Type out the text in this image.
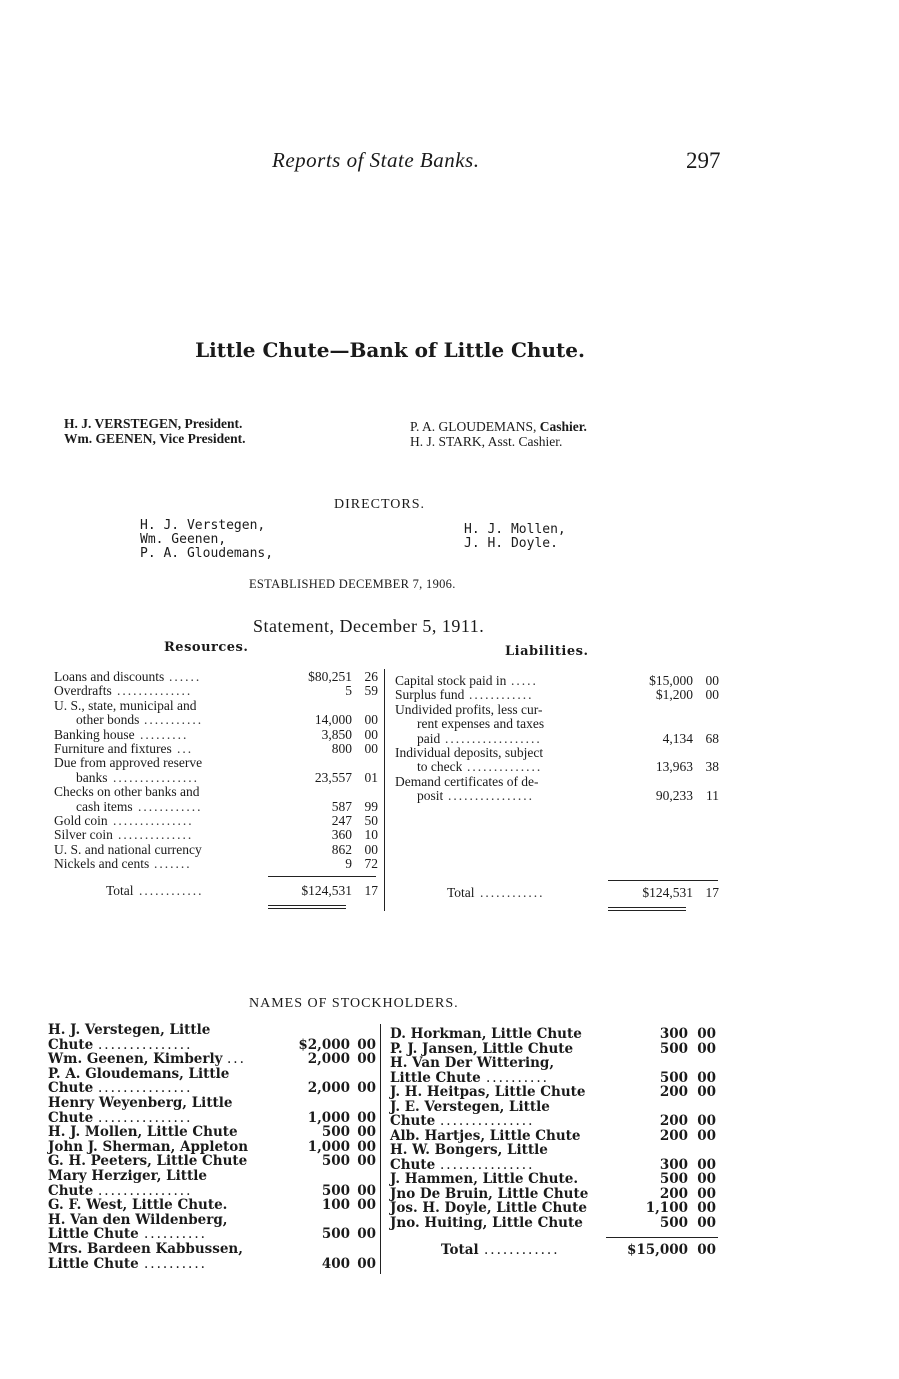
Reports of State Banks.	297
Little Chute—Bank of Little Chute.
H. J. VERSTEGEN, President.
Wm. GEENEN, Vice President.
P. A. GLOUDEMANS, Cashier.
H. J. STARK, Asst. Cashier.
DIRECTORS.
H. J. Verstegen,
Wm. Geenen,
P. A. Gloudemans,
H. J. Mollen,
J. H. Doyle.
ESTABLISHED DECEMBER 7, 1906.
Statement, December 5, 1911.
Resources.	Liabilities.
Loans and discounts ......	$80,251 26
Overdrafts ..............	5 59
U. S., state, municipal and
other bonds ...........	14,000 00
Banking house .........	3,850 00
Furniture and fixtures ...	800 00
Due from approved reserve
banks ................	23,557 01
Checks on other banks and
cash items ............	587 99
Gold coin ...............	247 50
Silver coin ..............	360 10
U. S. and national currency	862 00
Nickels and cents .......	9 72
Total ............	$124,531 17
Capital stock paid in .....	$15,000 00
Surplus fund ............	$1,200 00
Undivided profits, less cur-
rent expenses and taxes
paid ..................	4,134 68
Individual deposits, subject
to check ..............	13,963 38
Demand certificates of de-
posit ................	90,233 11
Total ............	$124,531 17
NAMES OF STOCKHOLDERS.
H. J. Verstegen, Little
Chute ...............	$2,000 00
Wm. Geenen, Kimberly ...	2,000 00
P. A. Gloudemans, Little
Chute ...............	2,000 00
Henry Weyenberg, Little
Chute ...............	1,000 00
H. J. Mollen, Little Chute	500 00
John J. Sherman, Appleton	1,000 00
G. H. Peeters, Little Chute	500 00
Mary Herziger, Little
Chute ...............	500 00
G. F. West, Little Chute.	100 00
H. Van den Wildenberg,
Little Chute ..........	500 00
Mrs. Bardeen Kabbussen,
Little Chute ..........	400 00
D. Horkman, Little Chute	300 00
P. J. Jansen, Little Chute	500 00
H. Van Der Wittering,
Little Chute ..........	500 00
J. H. Heitpas, Little Chute	200 00
J. E. Verstegen, Little
Chute ...............	200 00
Alb. Hartjes, Little Chute	200 00
H. W. Bongers, Little
Chute ...............	300 00
J. Hammen, Little Chute.	500 00
Jno De Bruin, Little Chute	200 00
Jos. H. Doyle, Little Chute	1,100 00
Jno. Huiting, Little Chute	500 00
Total ............	$15,000 00
